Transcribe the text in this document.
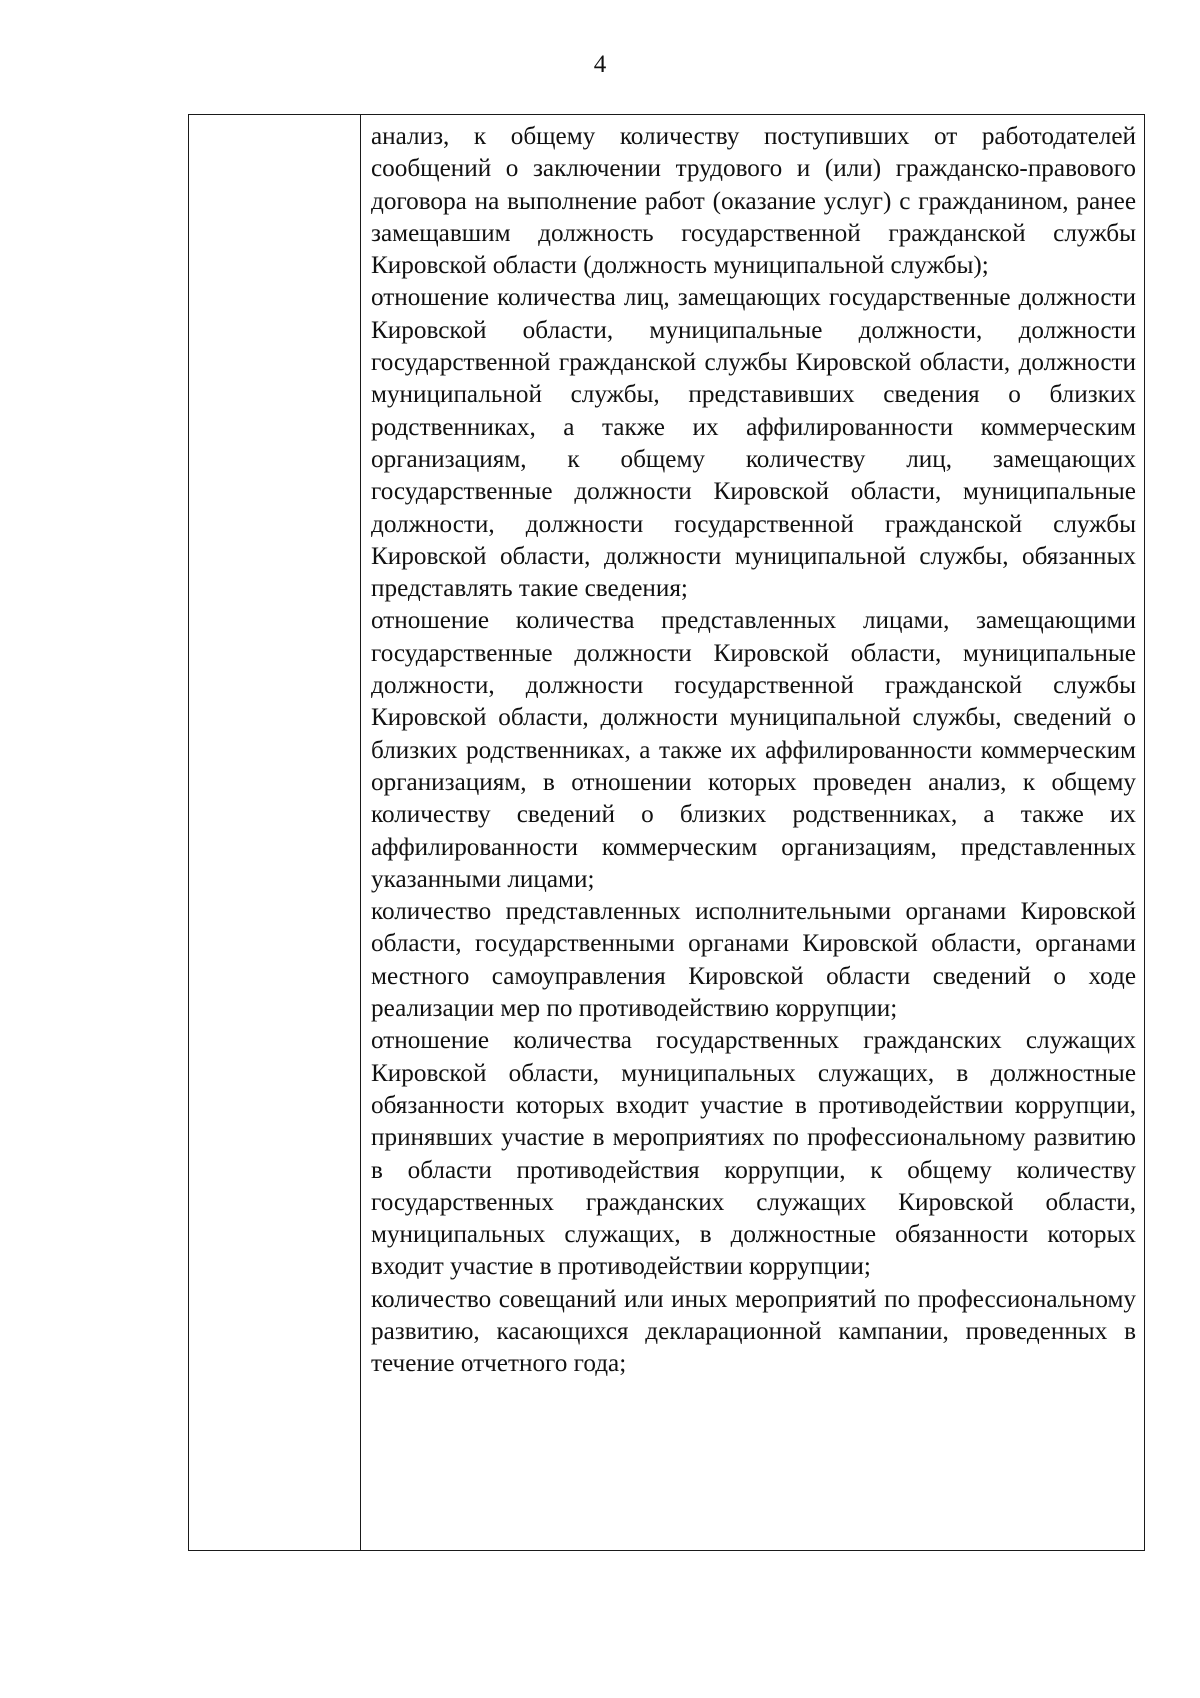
4

анализ, к общему количеству поступивших от работодателей сообщений о заключении трудового и (или) гражданско-правового договора на выполнение работ (оказание услуг) с гражданином, ранее замещавшим должность государственной гражданской службы Кировской области (должность муниципальной службы);

отношение количества лиц, замещающих государственные должности Кировской области, муниципальные должности, должности государственной гражданской службы Кировской области, должности муниципальной службы, представивших сведения о близких родственниках, а также их аффилированности коммерческим организациям, к общему количеству лиц, замещающих государственные должности Кировской области, муниципальные должности, должности государственной гражданской службы Кировской области, должности муниципальной службы, обязанных представлять такие сведения;

отношение количества представленных лицами, замещающими государственные должности Кировской области, муниципальные должности, должности государственной гражданской службы Кировской области, должности муниципальной службы, сведений о близких родственниках, а также их аффилированности коммерческим организациям, в отношении которых проведен анализ, к общему количеству сведений о близких родственниках, а также их аффилированности коммерческим организациям, представленных указанными лицами;

количество представленных исполнительными органами Кировской области, государственными органами Кировской области, органами местного самоуправления Кировской области сведений о ходе реализации мер по противодействию коррупции;

отношение количества государственных гражданских служащих Кировской области, муниципальных служащих, в должностные обязанности которых входит участие в противодействии коррупции, принявших участие в мероприятиях по профессиональному развитию в области противодействия коррупции, к общему количеству государственных гражданских служащих Кировской области, муниципальных служащих, в должностные обязанности которых входит участие в противодействии коррупции;

количество совещаний или иных мероприятий по профессиональному развитию, касающихся декларационной кампании, проведенных в течение отчетного года;
